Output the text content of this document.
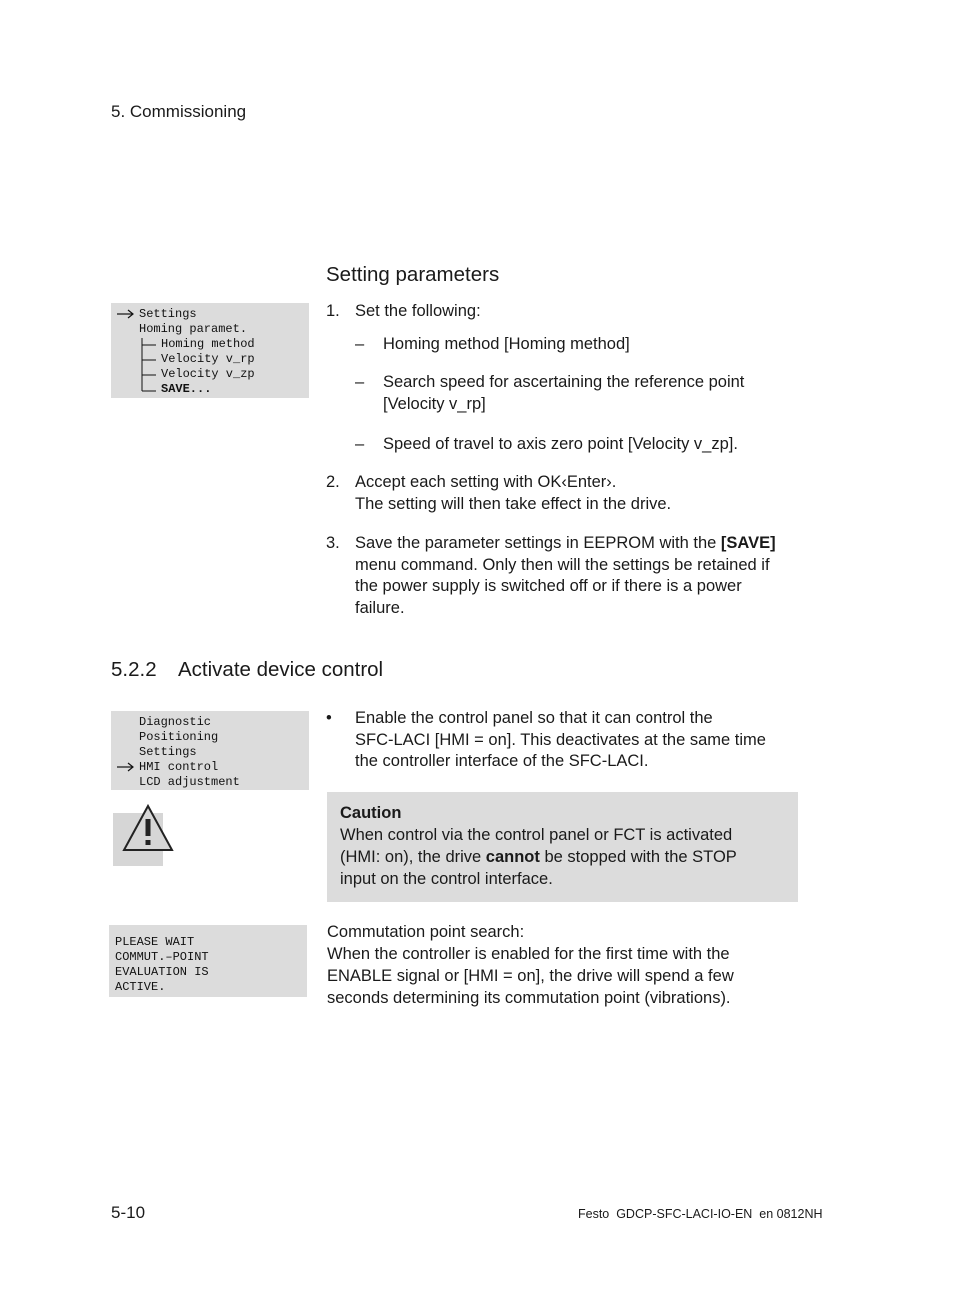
5. Commissioning
Setting parameters
Settings
Homing paramet.
Homing method
Velocity v_rp
Velocity v_zp
SAVE...
1. Set the following:
– Homing method [Homing method]
– Search speed for ascertaining the reference point
[Velocity v_rp]
– Speed of travel to axis zero point [Velocity v_zp].
2. Accept each setting with OK‹Enter›.
The setting will then take effect in the drive.
3. Save the parameter settings in EEPROM with the [SAVE]
menu command. Only then will the settings be retained if
the power supply is switched off or if there is a power
failure.
5.2.2 Activate device control
Diagnostic
Positioning
Settings
HMI control
LCD adjustment
• Enable the control panel so that it can control the
SFC-LACI [HMI = on]. This deactivates at the same time
the controller interface of the SFC-LACI.
Caution
When control via the control panel or FCT is activated
(HMI: on), the drive cannot be stopped with the STOP
input on the control interface.
PLEASE WAIT
COMMUT.–POINT
EVALUATION IS
ACTIVE.
Commutation point search:
When the controller is enabled for the first time with the
ENABLE signal or [HMI = on], the drive will spend a few
seconds determining its commutation point (vibrations).
5-10	Festo  GDCP-SFC-LACI-IO-EN  en 0812NH
